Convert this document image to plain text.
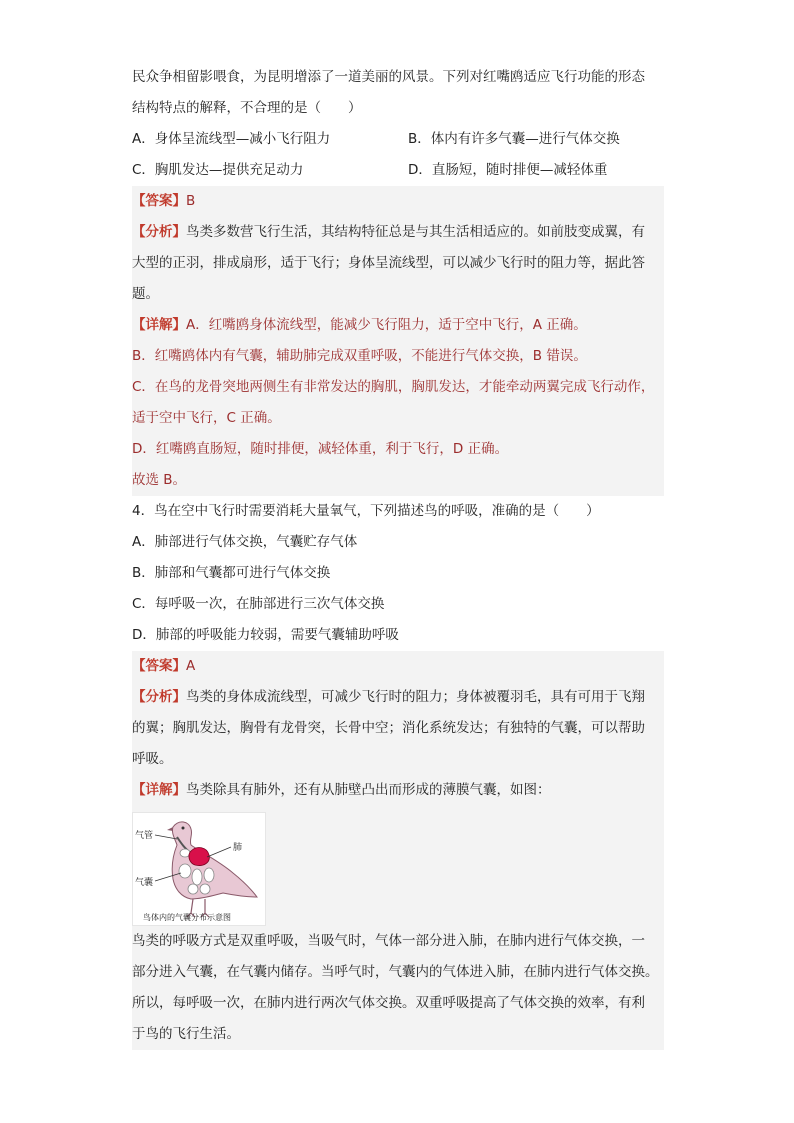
民众争相留影喂食，为昆明增添了一道美丽的风景。下列对红嘴鸥适应飞行功能的形态
结构特点的解释，不合理的是（　　）
A．身体呈流线型—减小飞行阻力	B．体内有许多气囊—进行气体交换
C．胸肌发达—提供充足动力	D．直肠短，随时排便—减轻体重
【答案】B
【分析】鸟类多数营飞行生活，其结构特征总是与其生活相适应的。如前肢变成翼，有
大型的正羽，排成扇形，适于飞行；身体呈流线型，可以减少飞行时的阻力等，据此答
题。
【详解】A．红嘴鸥身体流线型，能减少飞行阻力，适于空中飞行，A 正确。
B．红嘴鸥体内有气囊，辅助肺完成双重呼吸，不能进行气体交换，B 错误。
C．在鸟的龙骨突地两侧生有非常发达的胸肌，胸肌发达，才能牵动两翼完成飞行动作，
适于空中飞行，C 正确。
D．红嘴鸥直肠短，随时排便，减轻体重，利于飞行，D 正确。
故选 B。
4．鸟在空中飞行时需要消耗大量氧气，下列描述鸟的呼吸，准确的是（　　）
A．肺部进行气体交换，气囊贮存气体
B．肺部和气囊都可进行气体交换
C．每呼吸一次，在肺部进行三次气体交换
D．肺部的呼吸能力较弱，需要气囊辅助呼吸
【答案】A
【分析】鸟类的身体成流线型，可减少飞行时的阻力；身体被覆羽毛，具有可用于飞翔
的翼；胸肌发达，胸骨有龙骨突，长骨中空；消化系统发达；有独特的气囊，可以帮助
呼吸。
【详解】鸟类除具有肺外，还有从肺壁凸出而形成的薄膜气囊，如图：
气管
肺
气囊
鸟体内的气囊分布示意图
鸟类的呼吸方式是双重呼吸，当吸气时，气体一部分进入肺，在肺内进行气体交换，一
部分进入气囊，在气囊内储存。当呼气时，气囊内的气体进入肺，在肺内进行气体交换。
所以，每呼吸一次，在肺内进行两次气体交换。双重呼吸提高了气体交换的效率，有利
于鸟的飞行生活。
